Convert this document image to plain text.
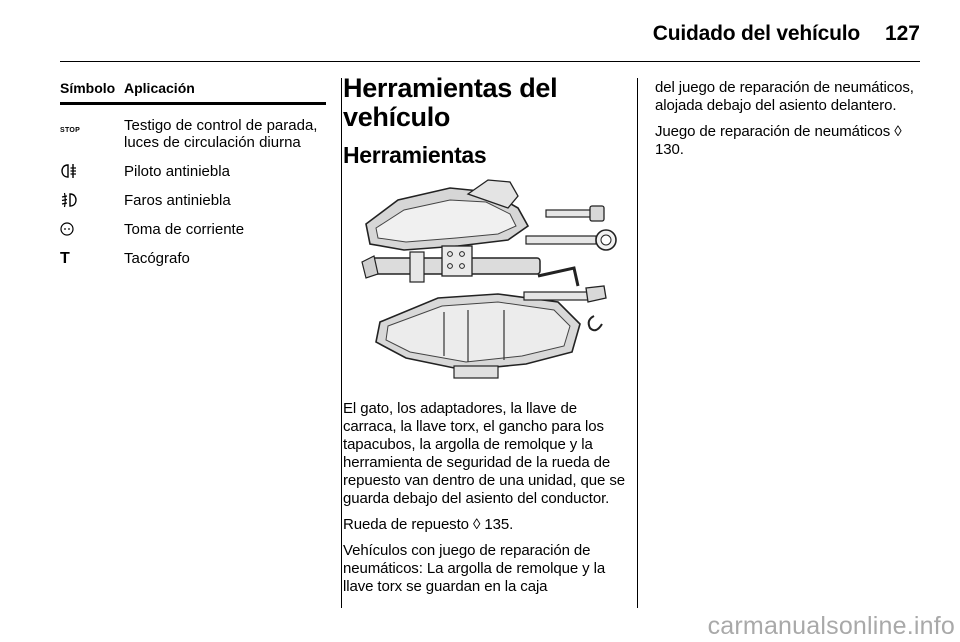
Cuidado del vehículo	127
Símbolo Aplicación
STOP	Testigo de control de parada, luces de circulación diurna
Piloto antiniebla
Faros antiniebla
Toma de corriente
T	Tacógrafo
Herramientas del vehículo
Herramientas

El gato, los adaptadores, la llave de carraca, la llave torx, el gancho para los tapacubos, la argolla de remolque y la herramienta de seguridad de la rueda de repuesto van dentro de una unidad, que se guarda debajo del asiento del conductor.

Rueda de repuesto ◊ 135.

Vehículos con juego de reparación de neumáticos: La argolla de remolque y la llave torx se guardan en la caja

del juego de reparación de neumáticos, alojada debajo del asiento delantero.

Juego de reparación de neumáticos ◊ 130.

carmanualsonline.info
